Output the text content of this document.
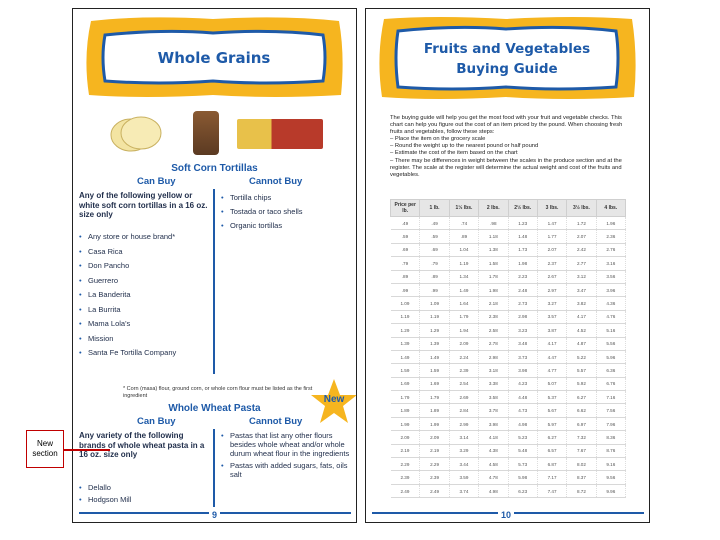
Whole Grains
Soft Corn Tortillas
Can Buy	Cannot Buy
Any of the following yellow or white soft corn tortillas in a 16 oz. size only
• Any store or house brand*
• Casa Rica
• Don Pancho
• Guerrero
• La Banderita
• La Burrita
• Mama Lola's
• Mission
• Santa Fe Tortilla Company
• Tortilla chips
• Tostada or taco shells
• Organic tortillas
* Corn (masa) flour, ground corn, or whole corn flour must be listed as the first ingredient
Whole Wheat Pasta
Can Buy	Cannot Buy
New
Any variety of the following brands of whole wheat pasta in a 16 oz. size only
• Delallo
• Hodgson Mill
• Pastas that list any other flours besides whole wheat and/or whole durum wheat flour in the ingredients
• Pastas with added sugars, fats, oils salt
9
Fruits and Vegetables
Buying Guide
The buying guide will help you get the most food with your fruit and vegetable checks. This chart can help you figure out the cost of an item priced by the pound. When choosing fresh fruits and vegetables, follow these steps:
– Place the item on the grocery scale
– Round the weight up to the nearest pound or half pound
– Estimate the cost of the item based on the chart
– There may be differences in weight between the scales in the produce section and at the register. The scale at the register will determine the actual weight and cost of the fruits and vegetables.
Price per lb.	1 lb.	1½ lbs.	2 lbs.	2½ lbs.	3 lbs.	3½ lbs.	4 lbs.
.49	.49	.74	.98	1.23	1.47	1.72	1.96
.59	.59	.89	1.18	1.48	1.77	2.07	2.36
.69	.69	1.04	1.38	1.73	2.07	2.42	2.76
.79	.79	1.19	1.58	1.98	2.37	2.77	3.16
.89	.89	1.34	1.78	2.23	2.67	3.12	3.56
.99	.99	1.49	1.98	2.48	2.97	3.47	3.96
1.09	1.09	1.64	2.18	2.73	3.27	3.82	4.36
1.19	1.19	1.79	2.38	2.98	3.57	4.17	4.76
1.29	1.29	1.94	2.58	3.23	3.87	4.52	5.16
1.39	1.39	2.09	2.78	3.48	4.17	4.87	5.56
1.49	1.49	2.24	2.98	3.73	4.47	5.22	5.96
1.59	1.59	2.39	3.18	3.98	4.77	5.57	6.36
1.69	1.69	2.54	3.38	4.23	5.07	5.92	6.76
1.79	1.79	2.69	3.58	4.48	5.37	6.27	7.16
1.89	1.89	2.84	3.78	4.73	5.67	6.62	7.56
1.99	1.99	2.99	3.98	4.98	5.97	6.97	7.96
2.09	2.09	3.14	4.18	5.23	6.27	7.32	8.36
2.19	2.19	3.29	4.38	5.48	6.57	7.67	8.76
2.29	2.29	3.44	4.58	5.73	6.87	8.02	9.16
2.39	2.39	3.59	4.78	5.98	7.17	8.37	9.56
2.49	2.49	3.74	4.98	6.23	7.47	8.72	9.96
10
New
section
